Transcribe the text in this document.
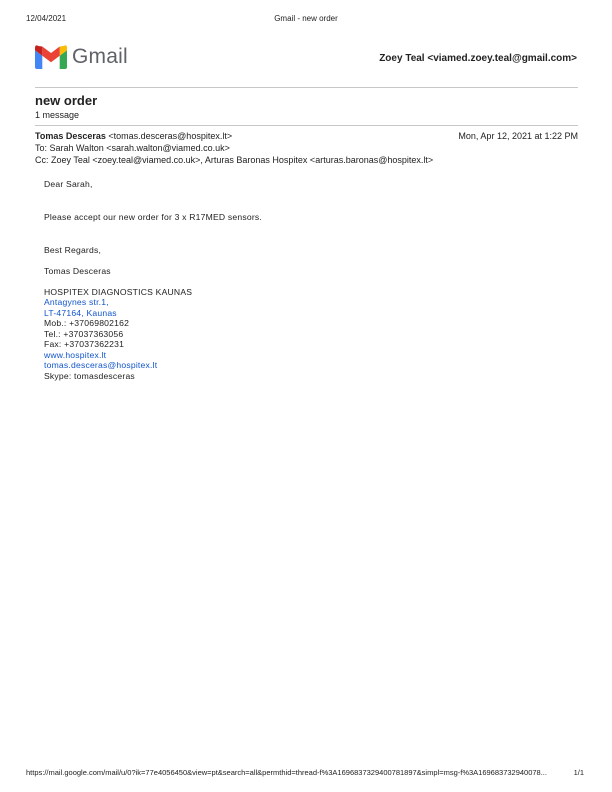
12/04/2021	Gmail - new order
Gmail	Zoey Teal <viamed.zoey.teal@gmail.com>
new order
1 message
Tomas Desceras <tomas.desceras@hospitex.lt>	Mon, Apr 12, 2021 at 1:22 PM
To: Sarah Walton <sarah.walton@viamed.co.uk>
Cc: Zoey Teal <zoey.teal@viamed.co.uk>, Arturas Baronas Hospitex <arturas.baronas@hospitex.lt>
Dear Sarah,
Please accept our new order for 3 x R17MED sensors.
Best Regards,
Tomas Desceras
HOSPITEX DIAGNOSTICS KAUNAS
Antagynes str.1,
LT-47164, Kaunas
Mob.: +37069802162
Tel.: +37037363056
Fax: +37037362231
www.hospitex.lt
tomas.desceras@hospitex.lt
Skype: tomasdesceras
https://mail.google.com/mail/u/0?ik=77e4056450&view=pt&search=all&permthid=thread-f%3A1696837329400781897&simpl=msg-f%3A169683732940078...	1/1
